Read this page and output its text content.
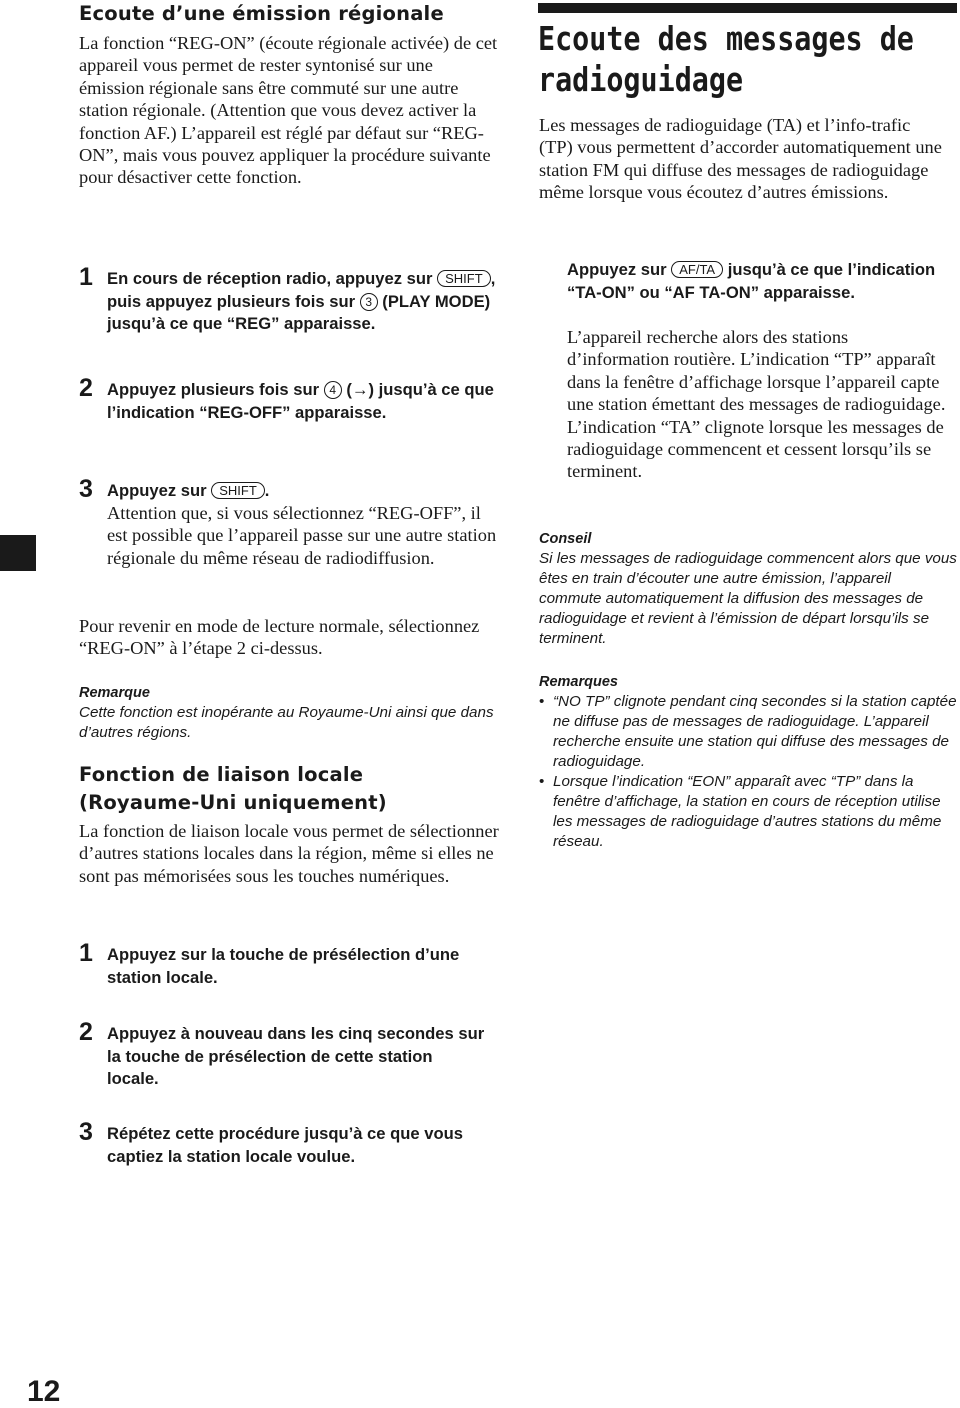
Ecoute d’une émission régionale
La fonction “REG-ON” (écoute régionale activée) de cet appareil vous permet de rester syntonisé sur une émission régionale sans être commuté sur une autre station régionale. (Attention que vous devez activer la fonction AF.) L’appareil est réglé par défaut sur “REG-ON”, mais vous pouvez appliquer la procédure suivante pour désactiver cette fonction.
1 En cours de réception radio, appuyez sur SHIFT , puis appuyez plusieurs fois sur 3 (PLAY MODE) jusqu’à ce que “REG” apparaisse.
2 Appuyez plusieurs fois sur 4 (→) jusqu’à ce que l’indication “REG-OFF” apparaisse.
3 Appuyez sur SHIFT .
Attention que, si vous sélectionnez “REG-OFF”, il est possible que l’appareil passe sur une autre station régionale du même réseau de radiodiffusion.
Pour revenir en mode de lecture normale, sélectionnez “REG-ON” à l’étape 2 ci-dessus.
Remarque
Cette fonction est inopérante au Royaume-Uni ainsi que dans d’autres régions.
Fonction de liaison locale
(Royaume-Uni uniquement)
La fonction de liaison locale vous permet de sélectionner d’autres stations locales dans la région, même si elles ne sont pas mémorisées sous les touches numériques.
1 Appuyez sur la touche de présélection d’une station locale.
2 Appuyez à nouveau dans les cinq secondes sur la touche de présélection de cette station locale.
3 Répétez cette procédure jusqu’à ce que vous captiez la station locale voulue.
12
Ecoute des messages de
radioguidage
Les messages de radioguidage (TA) et l’info-trafic (TP) vous permettent d’accorder automatiquement une station FM qui diffuse des messages de radioguidage même lorsque vous écoutez d’autres émissions.
Appuyez sur AF/TA jusqu’à ce que l’indication “TA-ON” ou “AF TA-ON” apparaisse.
L’appareil recherche alors des stations d’information routière. L’indication “TP” apparaît dans la fenêtre d’affichage lorsque l’appareil capte une station émettant des messages de radioguidage. L’indication “TA” clignote lorsque les messages de radioguidage commencent et cessent lorsqu’ils se terminent.
Conseil
Si les messages de radioguidage commencent alors que vous êtes en train d’écouter une autre émission, l’appareil commute automatiquement la diffusion des messages de radioguidage et revient à l’émission de départ lorsqu’ils se terminent.
Remarques
• “NO TP” clignote pendant cinq secondes si la station captée ne diffuse pas de messages de radioguidage. L’appareil recherche ensuite une station qui diffuse des messages de radioguidage.
• Lorsque l’indication “EON” apparaît avec “TP” dans la fenêtre d’affichage, la station en cours de réception utilise les messages de radioguidage d’autres stations du même réseau.
